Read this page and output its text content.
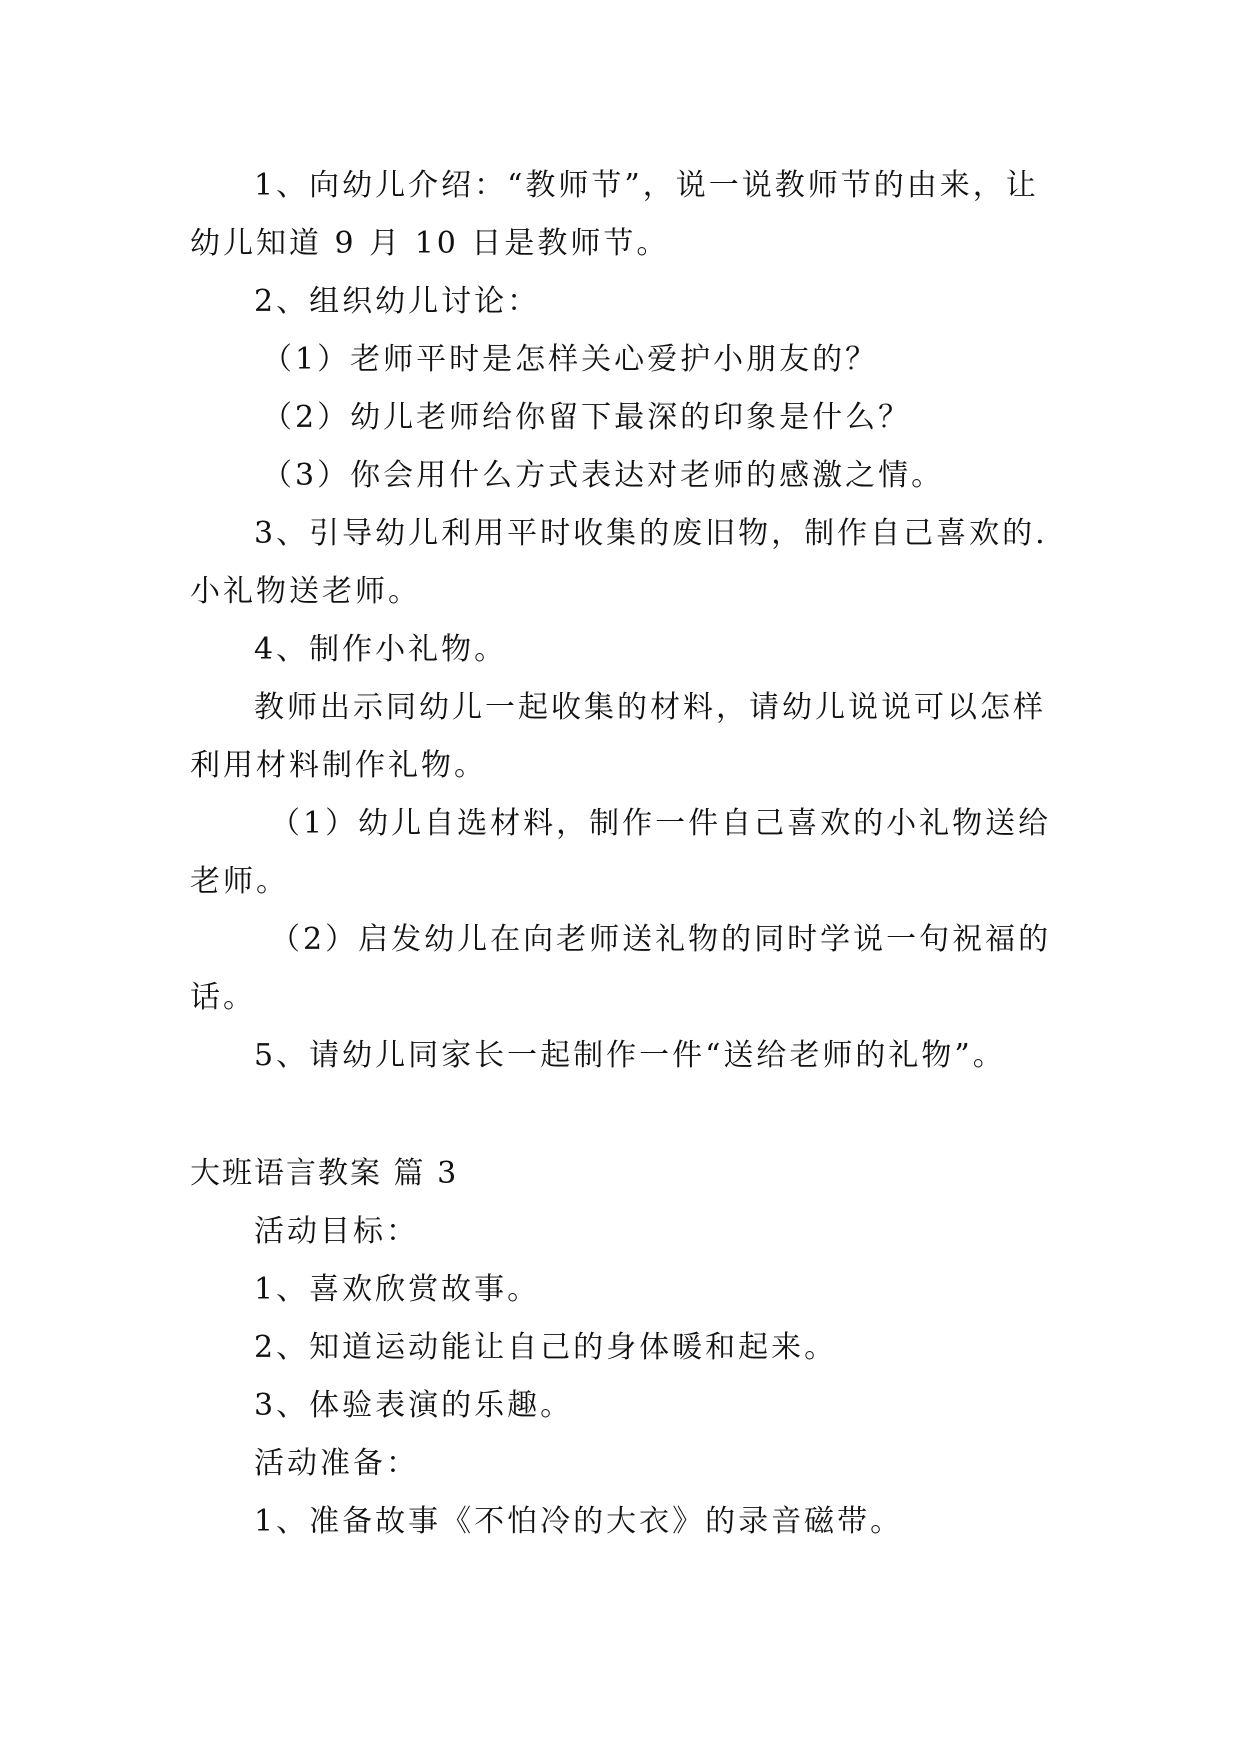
1、向幼儿介绍：“教师节”，说一说教师节的由来，让
幼儿知道 9 月 10 日是教师节。
2、组织幼儿讨论：
（1）老师平时是怎样关心爱护小朋友的？
（2）幼儿老师给你留下最深的印象是什么？
（3）你会用什么方式表达对老师的感激之情。
3、引导幼儿利用平时收集的废旧物，制作自己喜欢的.
小礼物送老师。
4、制作小礼物。
教师出示同幼儿一起收集的材料，请幼儿说说可以怎样
利用材料制作礼物。
（1）幼儿自选材料，制作一件自己喜欢的小礼物送给
老师。
（2）启发幼儿在向老师送礼物的同时学说一句祝福的
话。
5、请幼儿同家长一起制作一件“送给老师的礼物”。
大班语言教案 篇 3
活动目标：
1、喜欢欣赏故事。
2、知道运动能让自己的身体暖和起来。
3、体验表演的乐趣。
活动准备：
1、准备故事《不怕冷的大衣》的录音磁带。
